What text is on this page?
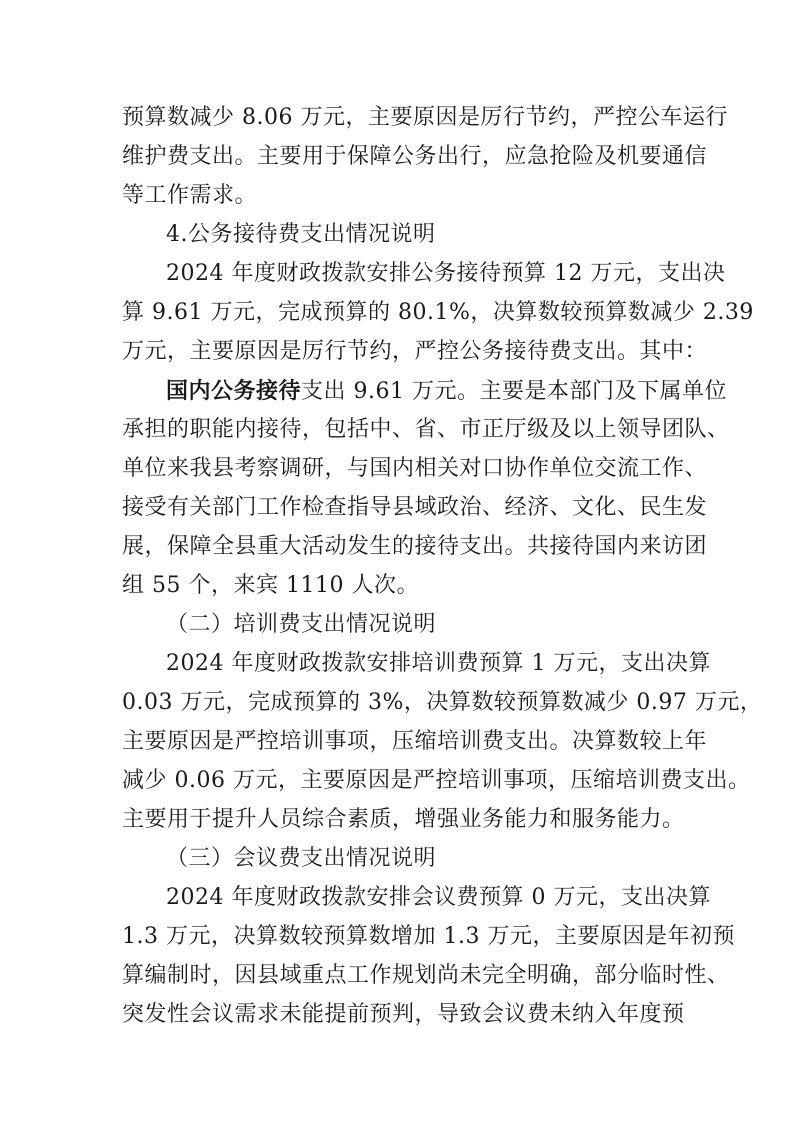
预算数减少 8.06 万元，主要原因是厉行节约，严控公车运行
维护费支出。主要用于保障公务出行，应急抢险及机要通信
等工作需求。
4.公务接待费支出情况说明
2024 年度财政拨款安排公务接待预算 12 万元，支出决
算 9.61 万元，完成预算的 80.1%，决算数较预算数减少 2.39
万元，主要原因是厉行节约，严控公务接待费支出。其中：
国内公务接待支出 9.61 万元。主要是本部门及下属单位
承担的职能内接待，包括中、省、市正厅级及以上领导团队、
单位来我县考察调研，与国内相关对口协作单位交流工作、
接受有关部门工作检查指导县域政治、经济、文化、民生发
展，保障全县重大活动发生的接待支出。共接待国内来访团
组 55 个，来宾 1110 人次。
（二）培训费支出情况说明
2024 年度财政拨款安排培训费预算 1 万元，支出决算
0.03 万元，完成预算的 3%，决算数较预算数减少 0.97 万元，
主要原因是严控培训事项，压缩培训费支出。决算数较上年
减少 0.06 万元，主要原因是严控培训事项，压缩培训费支出。
主要用于提升人员综合素质，增强业务能力和服务能力。
（三）会议费支出情况说明
2024 年度财政拨款安排会议费预算 0 万元，支出决算
1.3 万元，决算数较预算数增加 1.3 万元，主要原因是年初预
算编制时，因县域重点工作规划尚未完全明确，部分临时性、
突发性会议需求未能提前预判，导致会议费未纳入年度预
